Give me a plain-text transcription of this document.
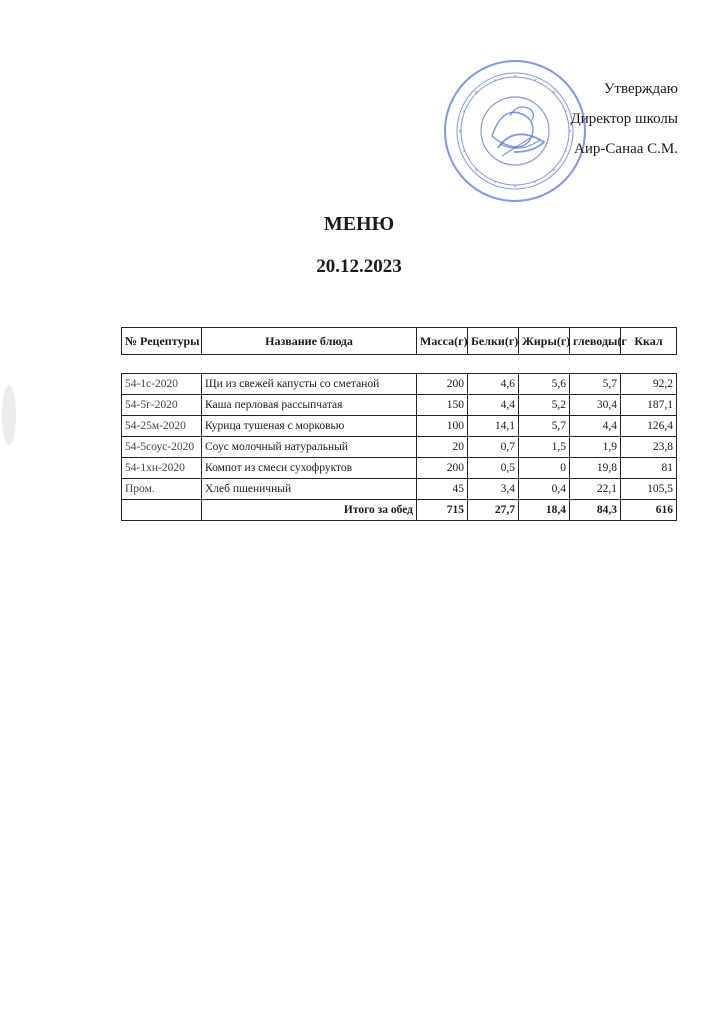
Утверждаю
Директор школы
Аир-Санаа С.М.
МЕНЮ
20.12.2023
№ Рецептуры	Название блюда	Масса(г)	Белки(г)	Жиры(г)	глеводы(г	Ккал
54-1с-2020	Щи из свежей капусты со сметаной	200	4,6	5,6	5,7	92,2
54-5г-2020	Каша перловая рассыпчатая	150	4,4	5,2	30,4	187,1
54-25м-2020	Курица тушеная с морковью	100	14,1	5,7	4,4	126,4
54-5соус-2020	Соус молочный натуральный	20	0,7	1,5	1,9	23,8
54-1хн-2020	Компот из смеси сухофруктов	200	0,5	0	19,8	81
Пром.	Хлеб пшеничный	45	3,4	0,4	22,1	105,5
	Итого за обед	715	27,7	18,4	84,3	616
